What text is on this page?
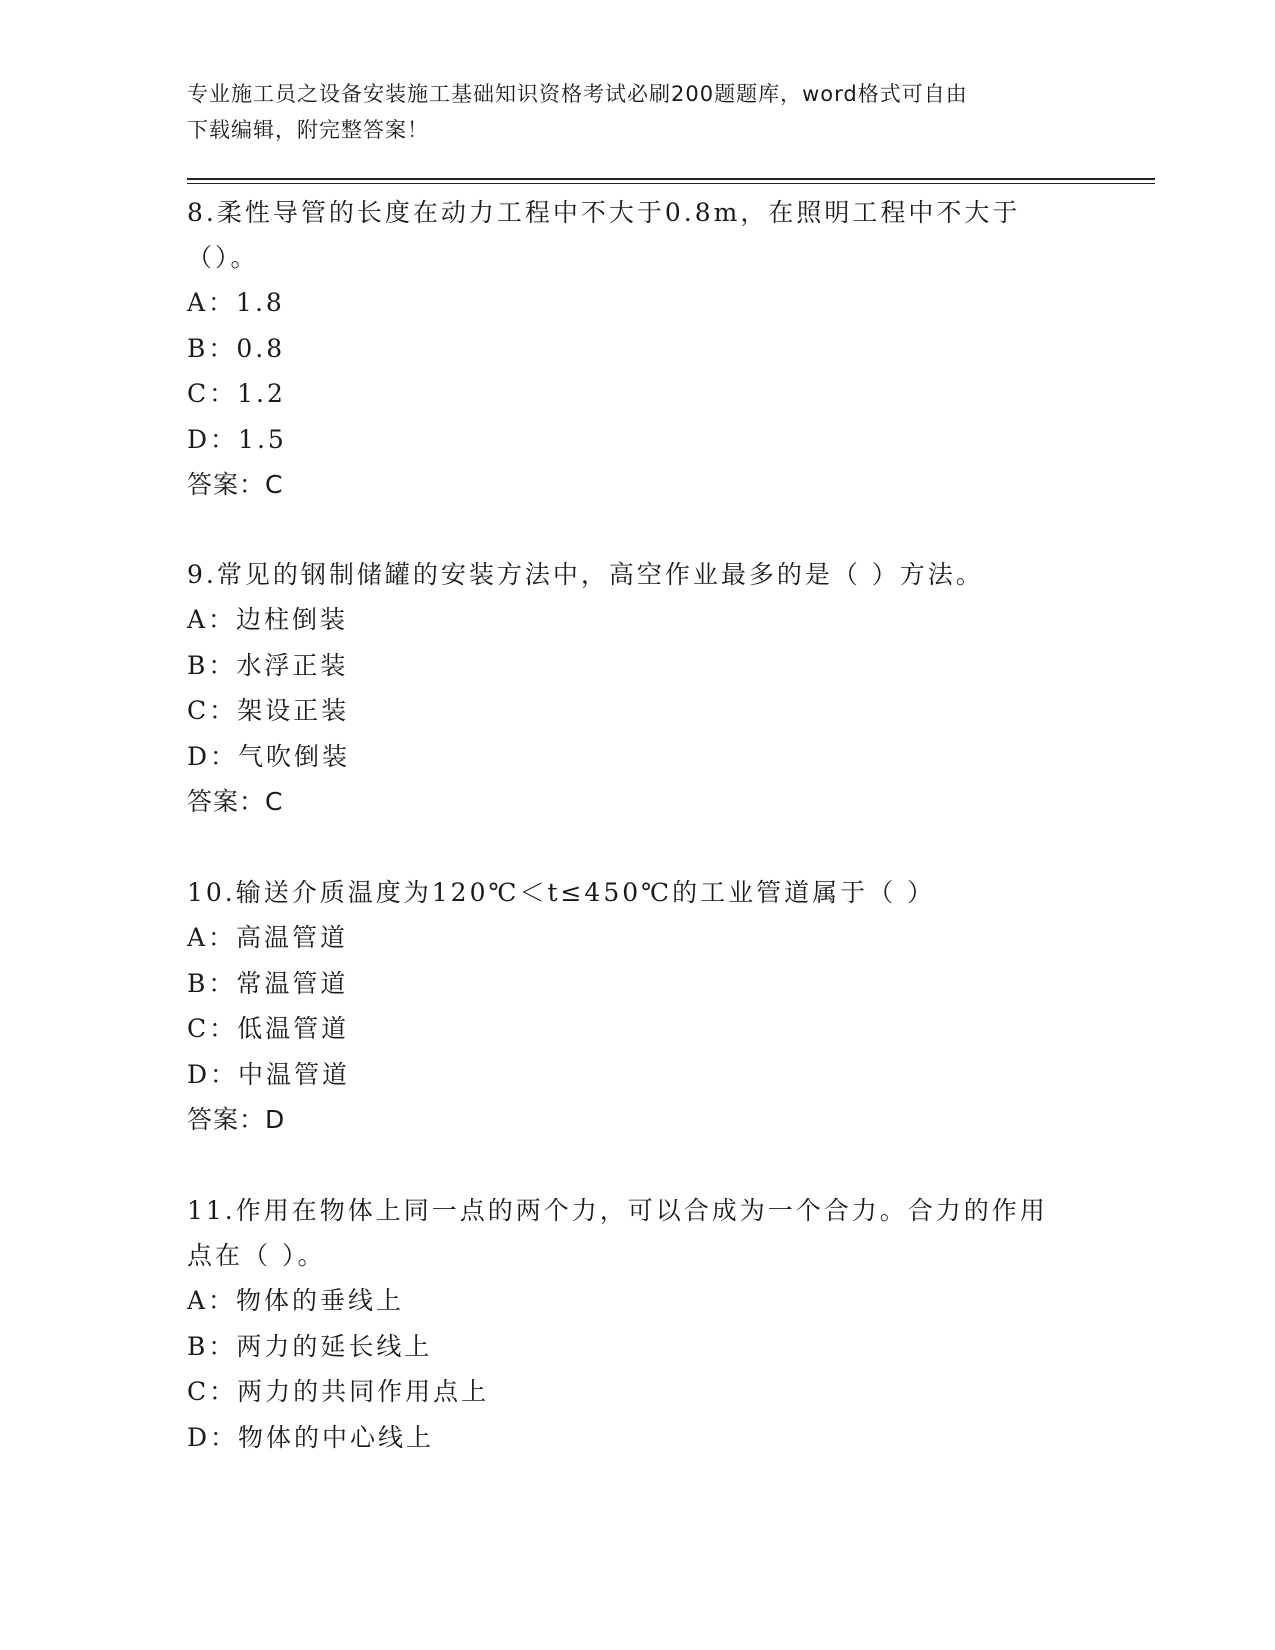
专业施工员之设备安装施工基础知识资格考试必刷200题题库，word格式可自由
下载编辑，附完整答案！
8.柔性导管的长度在动力工程中不大于0.8m，在照明工程中不大于（）。
A：1.8
B：0.8
C：1.2
D：1.5
答案：C
9.常见的钢制储罐的安装方法中，高空作业最多的是（ ）方法。
A：边柱倒装
B：水浮正装
C：架设正装
D：气吹倒装
答案：C
10.输送介质温度为120℃＜t≤450℃的工业管道属于（ ）
A：高温管道
B：常温管道
C：低温管道
D：中温管道
答案：D
11.作用在物体上同一点的两个力，可以合成为一个合力。合力的作用点在（ ）。
A：物体的垂线上
B：两力的延长线上
C：两力的共同作用点上
D：物体的中心线上
